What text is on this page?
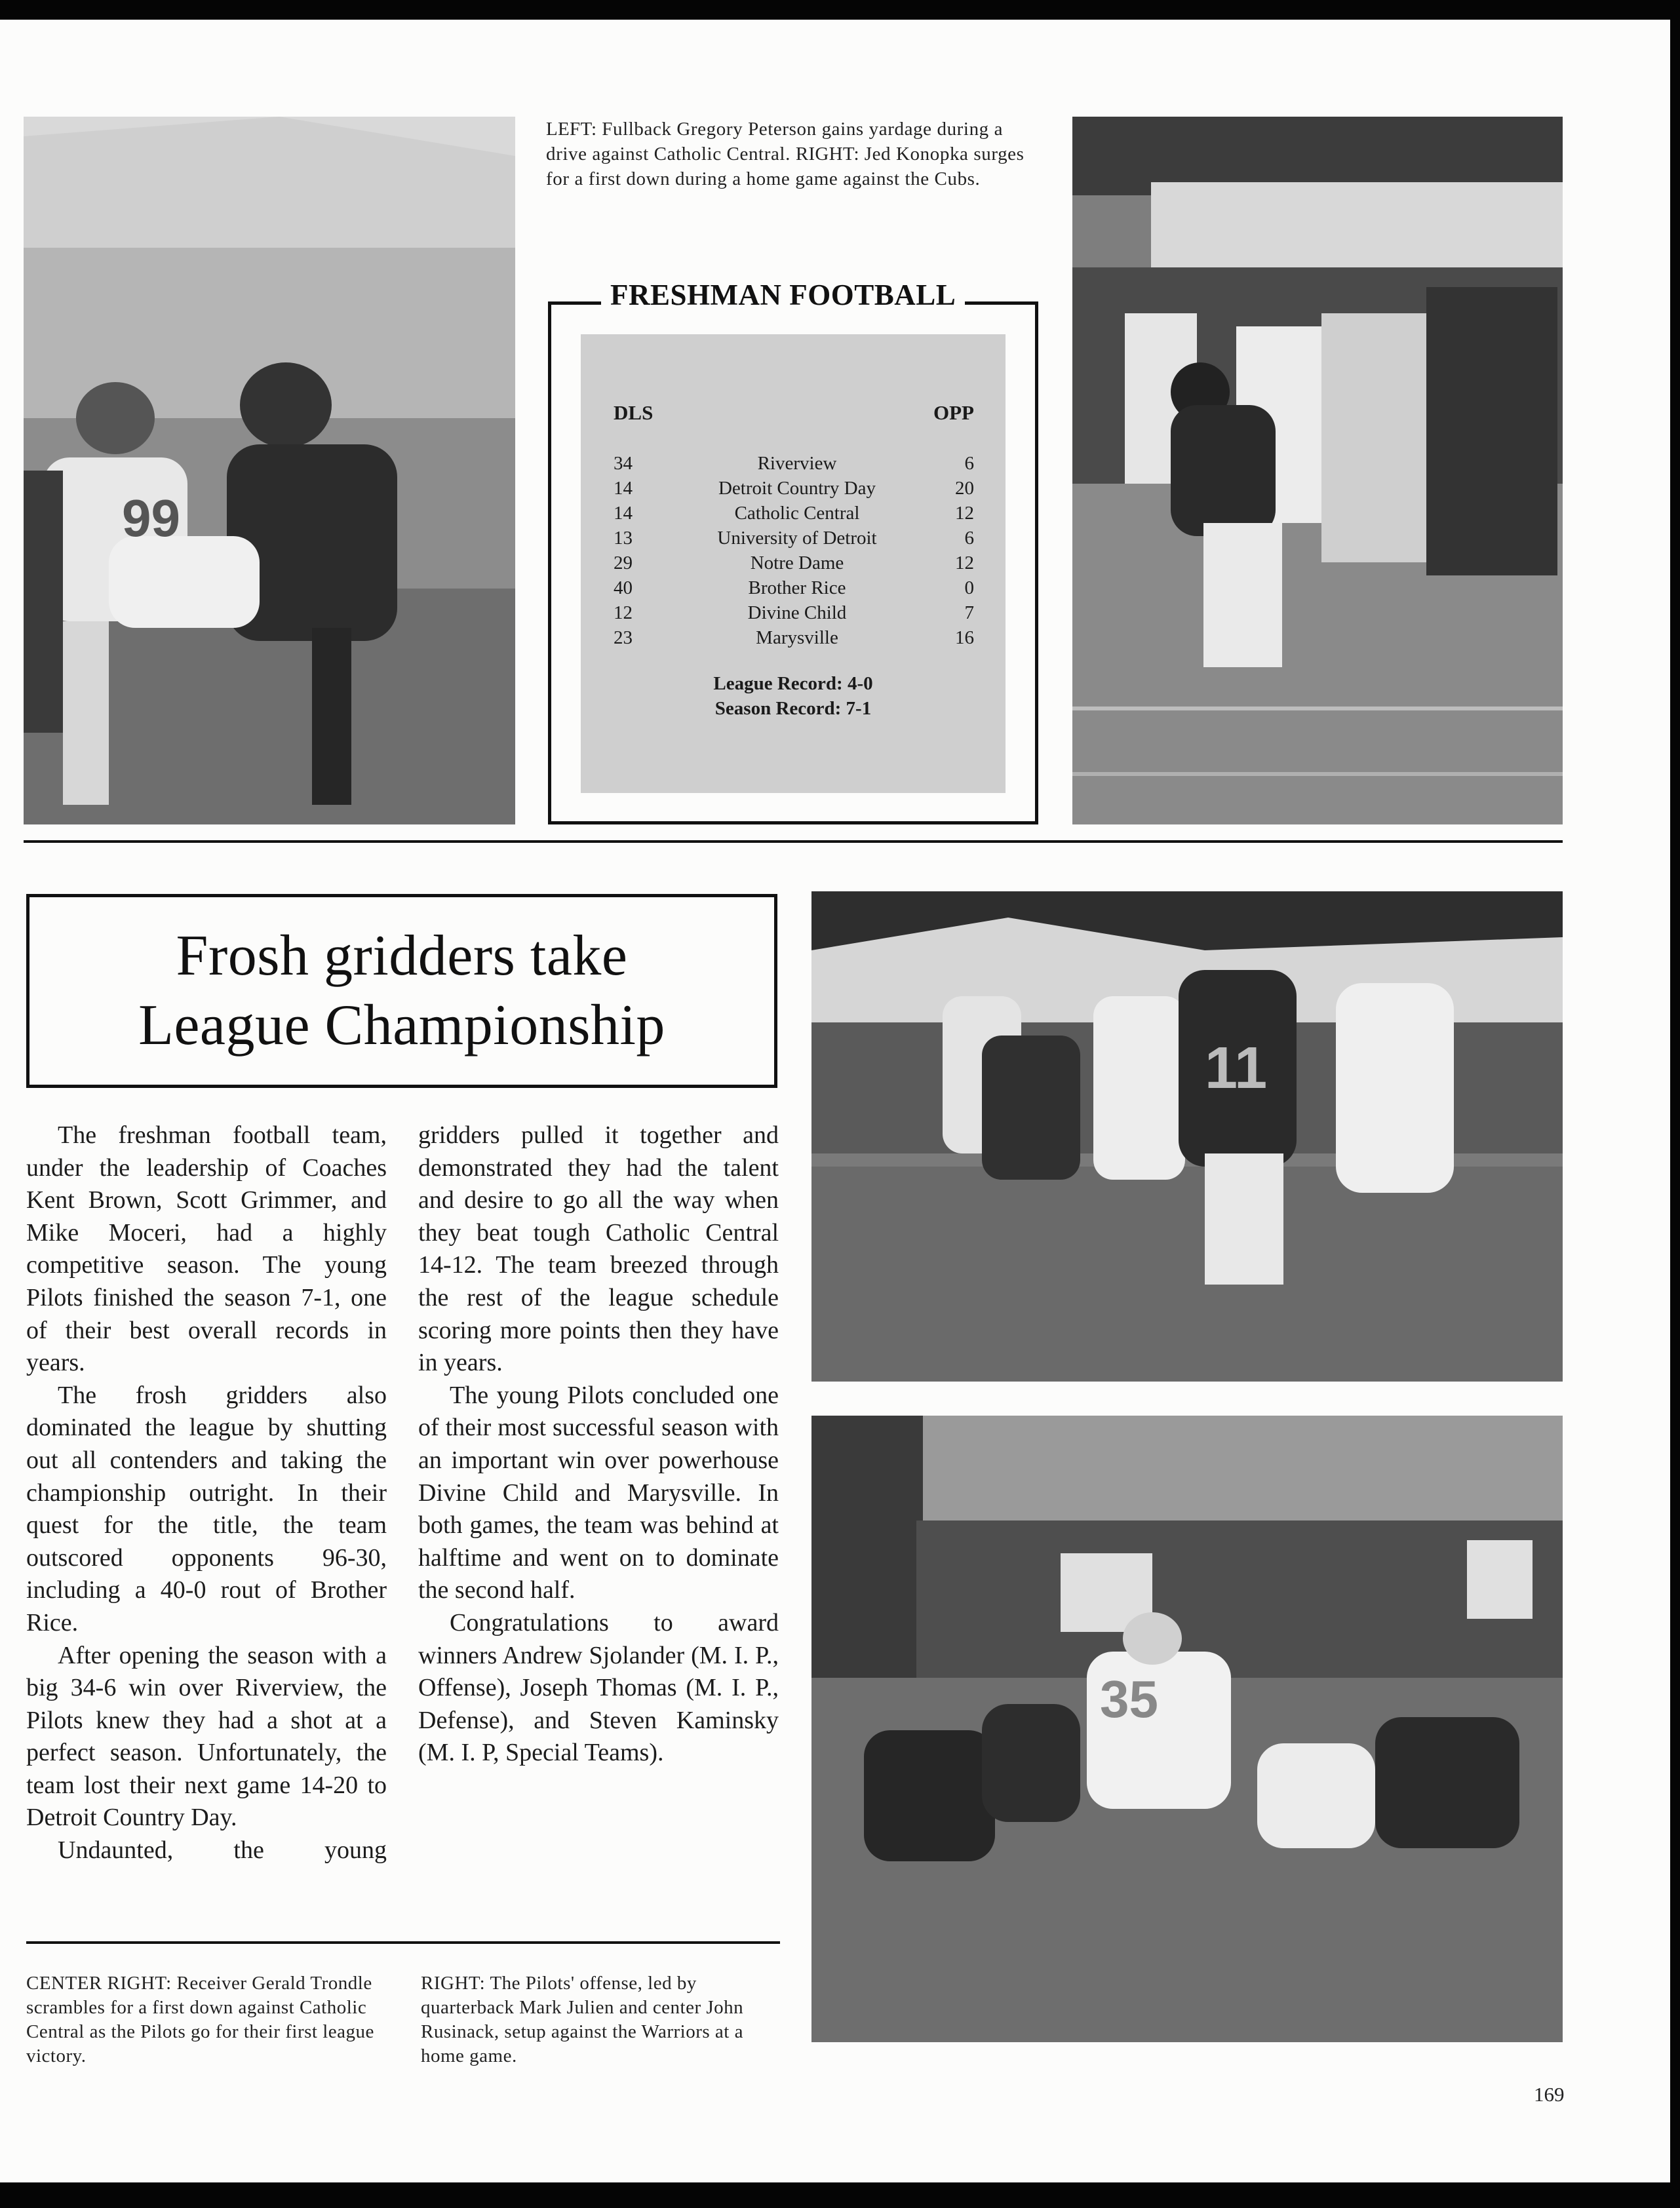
99
LEFT: Fullback Gregory Peterson gains yardage during a drive against Catholic Central. RIGHT: Jed Konopka surges for a first down during a home game against the Cubs.
FRESHMAN FOOTBALL
DLS	OPP
34	Riverview	6
14	Detroit Country Day	20
14	Catholic Central	12
13	University of Detroit	6
29	Notre Dame	12
40	Brother Rice	0
12	Divine Child	7
23	Marysville	16
League Record: 4-0
Season Record: 7-1
Frosh gridders take
League Championship

The freshman football team, under the leadership of Coaches Kent Brown, Scott Grimmer, and Mike Moceri, had a highly competitive season. The young Pilots finished the season 7-1, one of their best overall records in years.

The frosh gridders also dominated the league by shutting out all contenders and taking the championship outright. In their quest for the title, the team outscored opponents 96-30, including a 40-0 rout of Brother Rice.

After opening the season with a big 34-6 win over Riverview, the Pilots knew they had a shot at a perfect season. Unfortunately, the team lost their next game 14-20 to Detroit Country Day.

Undaunted, the young

gridders pulled it together and demonstrated they had the talent and desire to go all the way when they beat tough Catholic Central 14-12. The team breezed through the rest of the league schedule scoring more points then they have in years.

The young Pilots concluded one of their most successful season with an important win over powerhouse Divine Child and Marysville. In both games, the team was behind at halftime and went on to dominate the second half.

Congratulations to award winners Andrew Sjolander (M. I. P., Offense), Joseph Thomas (M. I. P., Defense), and Steven Kaminsky (M. I. P, Special Teams).

11
35
CENTER RIGHT: Receiver Gerald Trondle scrambles for a first down against Catholic Central as the Pilots go for their first league victory.
RIGHT: The Pilots' offense, led by quarterback Mark Julien and center John Rusinack, setup against the Warriors at a home game.
169
